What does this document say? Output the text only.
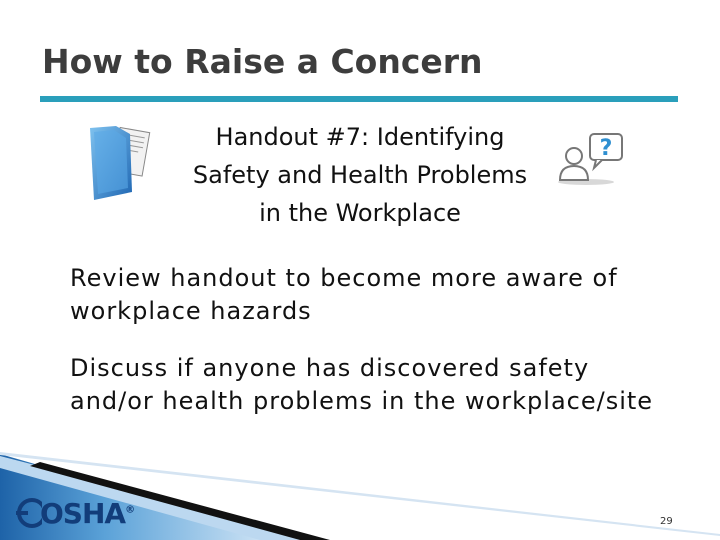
How to Raise a Concern
Handout #7: Identifying
Safety and Health Problems
in the Workplace
?
Review handout to become more aware of
workplace hazards
Discuss if anyone has discovered safety
and/or health problems in the workplace/site
OSHA®
29
